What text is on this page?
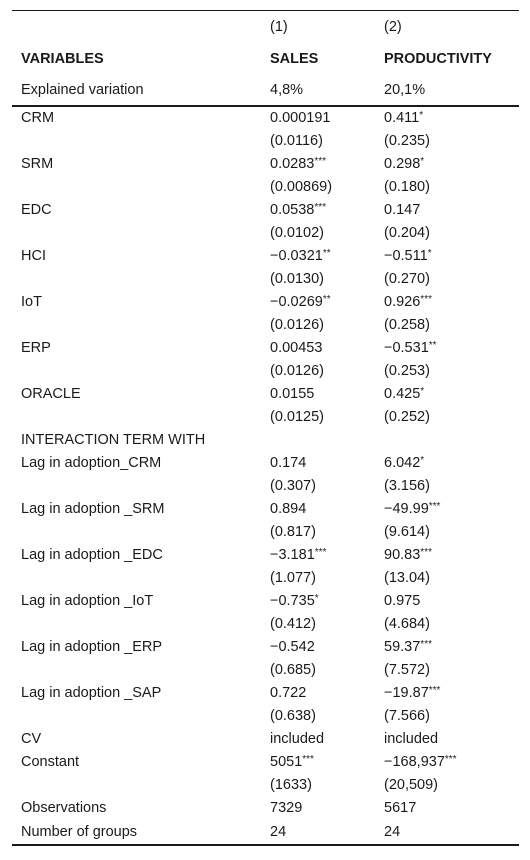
	(1)	(2)
VARIABLES	SALES	PRODUCTIVITY
Explained variation	4,8%	20,1%
CRM	0.000191	0.411*
	(0.0116)	(0.235)
SRM	0.0283***	0.298*
	(0.00869)	(0.180)
EDC	0.0538***	0.147
	(0.0102)	(0.204)
HCI	−0.0321**	−0.511*
	(0.0130)	(0.270)
IoT	−0.0269**	0.926***
	(0.0126)	(0.258)
ERP	0.00453	−0.531**
	(0.0126)	(0.253)
ORACLE	0.0155	0.425*
	(0.0125)	(0.252)
INTERACTION TERM WITH		
Lag in adoption_CRM	0.174	6.042*
	(0.307)	(3.156)
Lag in adoption _SRM	0.894	−49.99***
	(0.817)	(9.614)
Lag in adoption _EDC	−3.181***	90.83***
	(1.077)	(13.04)
Lag in adoption _IoT	−0.735*	0.975
	(0.412)	(4.684)
Lag in adoption _ERP	−0.542	59.37***
	(0.685)	(7.572)
Lag in adoption _SAP	0.722	−19.87***
	(0.638)	(7.566)
CV	included	included
Constant	5051***	−168,937***
	(1633)	(20,509)
Observations	7329	5617
Number of groups	24	24
